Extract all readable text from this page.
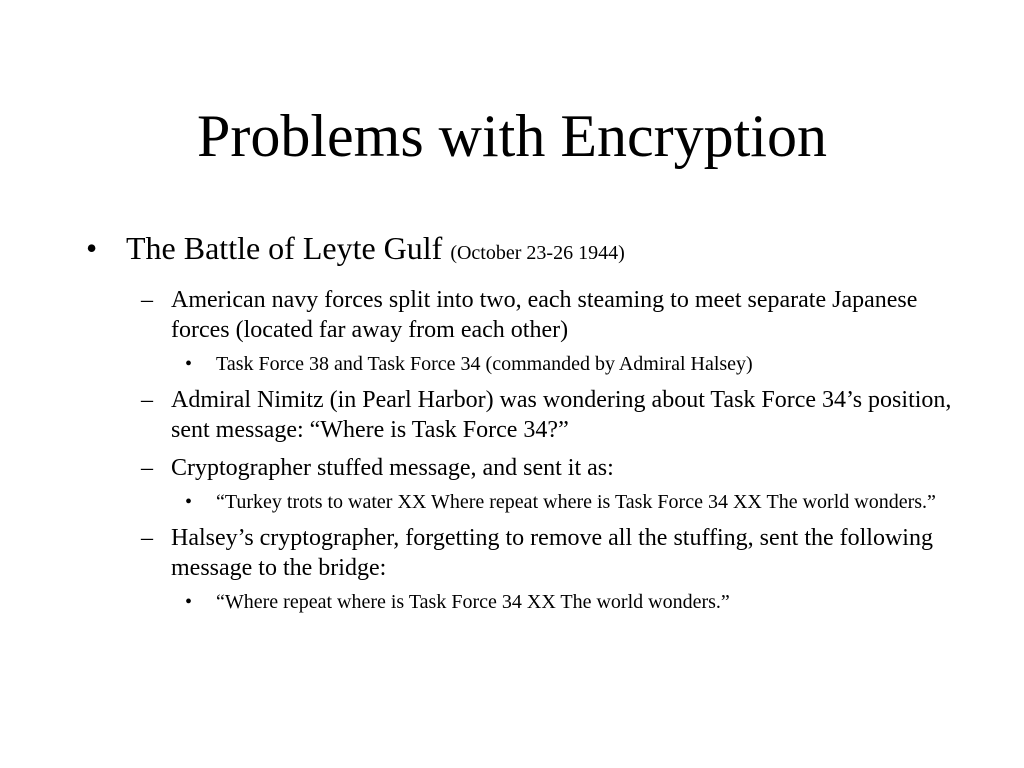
Problems with Encryption
• The Battle of Leyte Gulf (October 23-26 1944)
– American navy forces split into two, each steaming to meet separate Japanese forces (located far away from each other)
•	Task Force 38 and Task Force 34 (commanded by Admiral Halsey)
– Admiral Nimitz (in Pearl Harbor) was wondering about Task Force 34’s position, sent message: “Where is Task Force 34?”
– Cryptographer stuffed message, and sent it as:
•	“Turkey trots to water XX Where repeat where is Task Force 34 XX The world wonders.”
– Halsey’s cryptographer, forgetting to remove all the stuffing, sent the following message to the bridge:
•	“Where repeat where is Task Force 34 XX The world wonders.”
